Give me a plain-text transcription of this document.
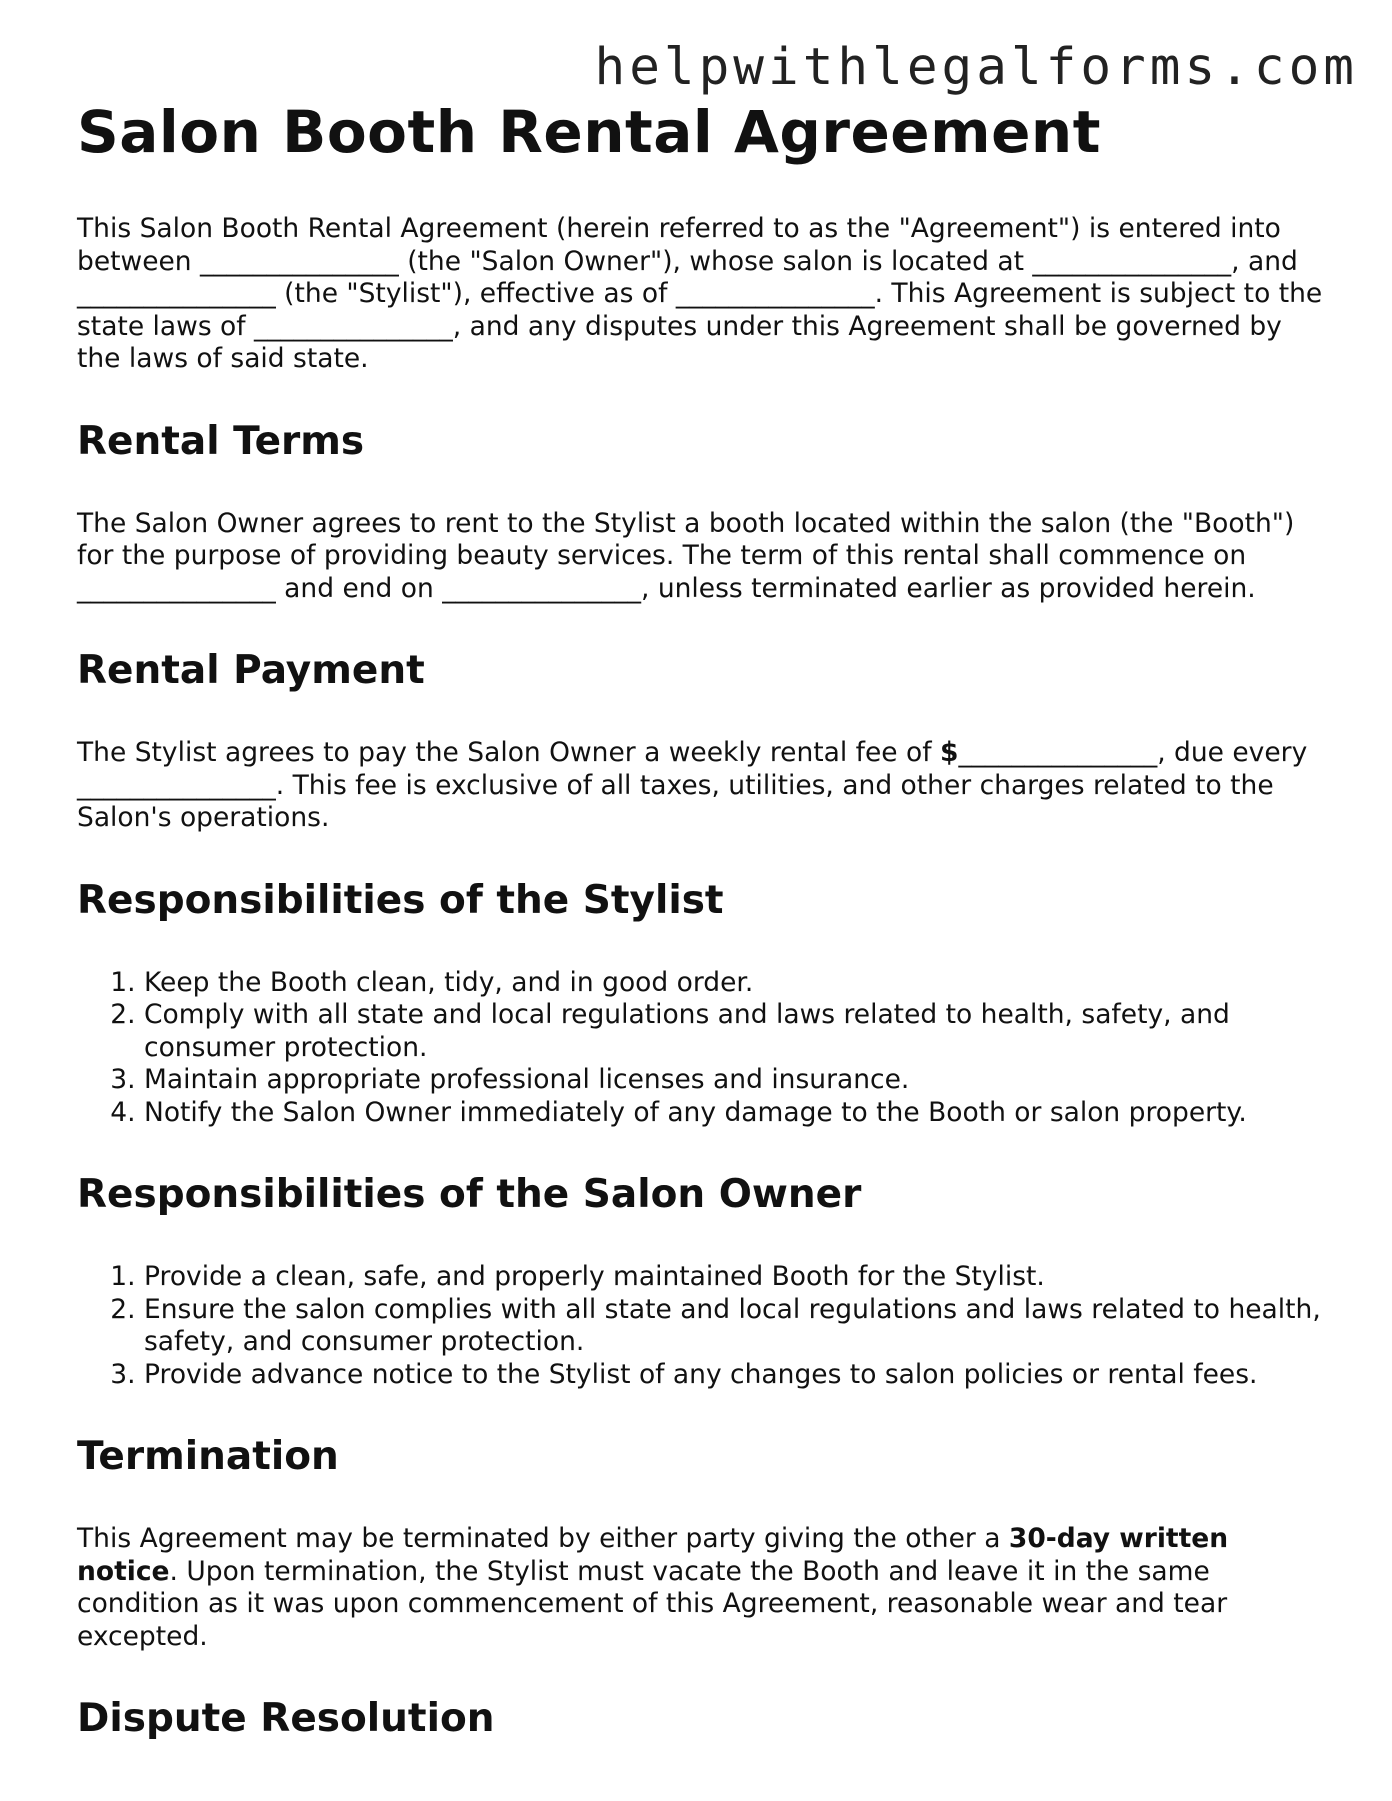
helpwithlegalforms.com
Salon Booth Rental Agreement

This Salon Booth Rental Agreement (herein referred to as the "Agreement") is entered into between _______________ (the "Salon Owner"), whose salon is located at _______________, and _______________ (the "Stylist"), effective as of _______________. This Agreement is subject to the state laws of _______________, and any disputes under this Agreement shall be governed by the laws of said state.

Rental Terms

The Salon Owner agrees to rent to the Stylist a booth located within the salon (the "Booth") for the purpose of providing beauty services. The term of this rental shall commence on _______________ and end on _______________, unless terminated earlier as provided herein.

Rental Payment

The Stylist agrees to pay the Salon Owner a weekly rental fee of $_______________, due every _______________. This fee is exclusive of all taxes, utilities, and other charges related to the Salon's operations.

Responsibilities of the Stylist
1. Keep the Booth clean, tidy, and in good order.
2. Comply with all state and local regulations and laws related to health, safety, and consumer protection.
3. Maintain appropriate professional licenses and insurance.
4. Notify the Salon Owner immediately of any damage to the Booth or salon property.
Responsibilities of the Salon Owner
1. Provide a clean, safe, and properly maintained Booth for the Stylist.
2. Ensure the salon complies with all state and local regulations and laws related to health, safety, and consumer protection.
3. Provide advance notice to the Stylist of any changes to salon policies or rental fees.
Termination

This Agreement may be terminated by either party giving the other a 30-day written notice. Upon termination, the Stylist must vacate the Booth and leave it in the same condition as it was upon commencement of this Agreement, reasonable wear and tear excepted.

Dispute Resolution
